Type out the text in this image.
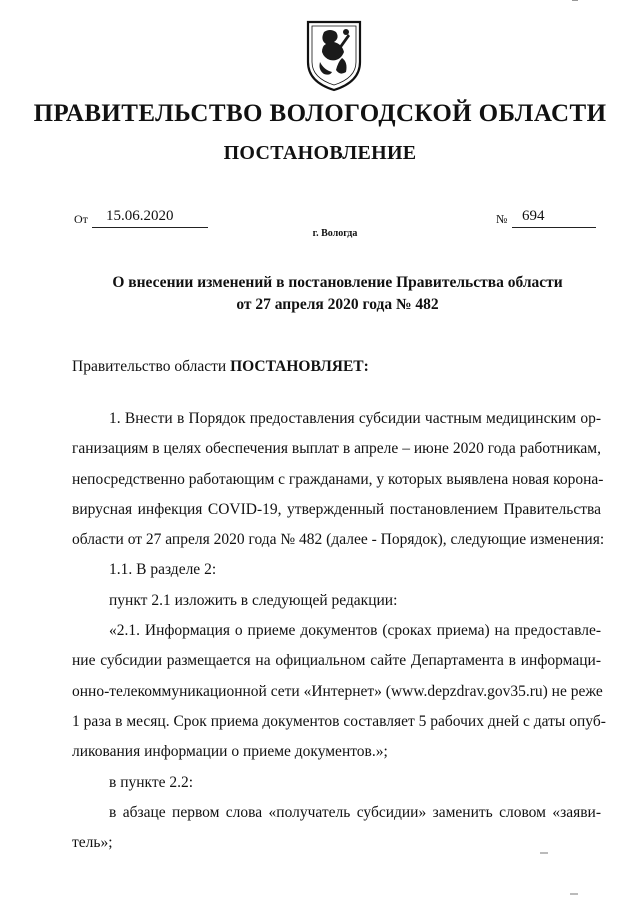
ПРАВИТЕЛЬСТВО ВОЛОГОДСКОЙ ОБЛАСТИ
ПОСТАНОВЛЕНИЕ
От	15.06.2020	№ 694
г. Вологда
О внесении изменений в постановление Правительства области
от 27 апреля 2020 года № 482
Правительство области ПОСТАНОВЛЯЕТ:
1. Внести в Порядок предоставления субсидии частным медицинским ор-
ганизациям в целях обеспечения выплат в апреле – июне 2020 года работникам,
непосредственно работающим с гражданами, у которых выявлена новая корона-
вирусная инфекция COVID-19, утвержденный постановлением Правительства
области от 27 апреля 2020 года № 482 (далее - Порядок), следующие изменения:
1.1. В разделе 2:
пункт 2.1 изложить в следующей редакции:
«2.1. Информация о приеме документов (сроках приема) на предоставле-
ние субсидии размещается на официальном сайте Департамента в информаци-
онно-телекоммуникационной сети «Интернет» (www.depzdrav.gov35.ru) не реже
1 раза в месяц. Срок приема документов составляет 5 рабочих дней с даты опуб-
ликования информации о приеме документов.»;
в пункте 2.2:
в абзаце первом слова «получатель субсидии» заменить словом «заяви-
тель»;
